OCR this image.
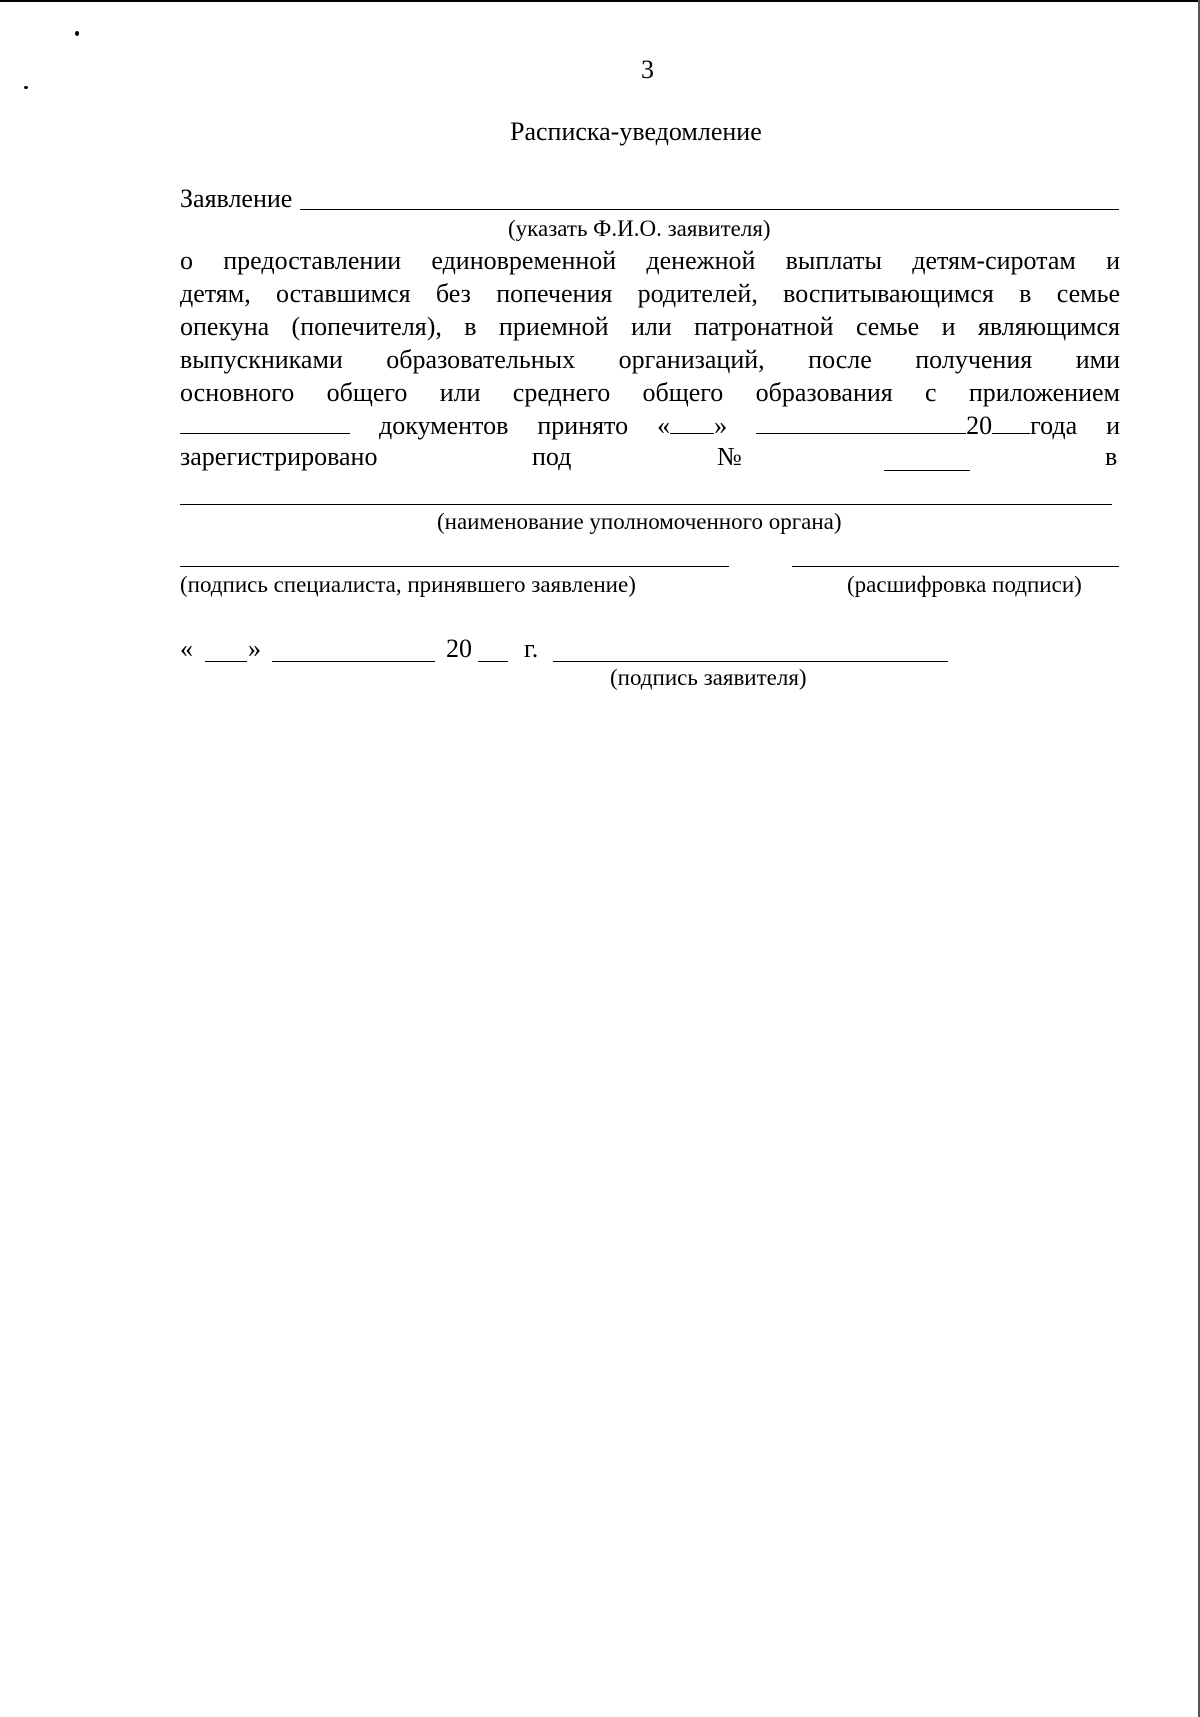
3
Расписка-уведомление
Заявление
(указать Ф.И.О. заявителя)
о предоставлении единовременной денежной выплаты детям-сиротам и
детям, оставшимся без попечения родителей, воспитывающимся в семье
опекуна (попечителя), в приемной или патронатной семье и являющимся
выпускниками образовательных организаций, после получения ими
основного общего или среднего общего образования с приложением
документов принято « »	20 года и
зарегистрировано	под	№	в
(наименование уполномоченного органа)
(подпись специалиста, принявшего заявление)	(расшифровка подписи)
« »	20 г.
(подпись заявителя)
